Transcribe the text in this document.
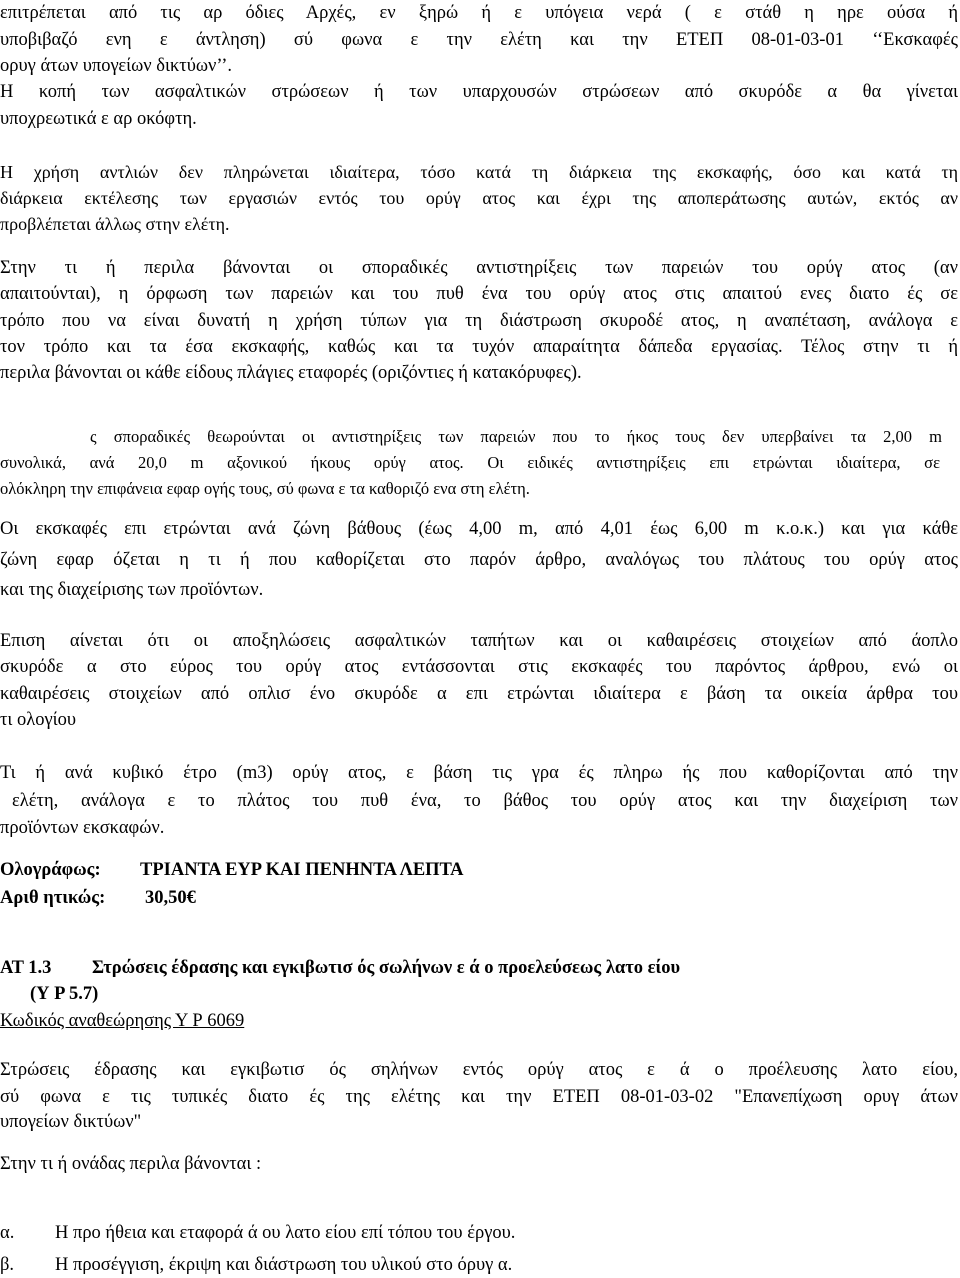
επιτρέπεται από τις αρ όδιες Αρχές, εν ξηρώ ή ε υπόγεια νερά ( ε στάθ η ηρε ούσα ή
υποβιβαζό ενη ε άντληση) σύ φωνα ε την ελέτη και την ΕΤΕΠ 08-01-03-01 ‘‘Εκσκαφές
ορυγ άτων υπογείων δικτύων’’.
Η κοπή των ασφαλτικών στρώσεων ή των υπαρχουσών στρώσεων από σκυρόδε α θα γίνεται
υποχρεωτικά ε αρ οκόφτη.
Η χρήση αντλιών δεν πληρώνεται ιδιαίτερα, τόσο κατά τη διάρκεια της εκσκαφής, όσο και κατά τη
διάρκεια εκτέλεσης των εργασιών εντός του ορύγ ατος και έχρι της αποπεράτωσης αυτών, εκτός αν
προβλέπεται άλλως στην ελέτη.
Στην τι ή περιλα βάνονται οι σποραδικές αντιστηρίξεις των παρειών του ορύγ ατος (αν
απαιτούνται), η όρφωση των παρειών και του πυθ ένα του ορύγ ατος στις απαιτού ενες διατο ές σε
τρόπο που να είναι δυνατή η χρήση τύπων για τη διάστρωση σκυροδέ ατος, η αναπέταση, ανάλογα ε
τον τρόπο και τα έσα εκσκαφής, καθώς και τα τυχόν απαραίτητα δάπεδα εργασίας. Τέλος στην τι ή
περιλα βάνονται οι κάθε είδους πλάγιες εταφορές (οριζόντιες ή κατακόρυφες).
ς σποραδικές θεωρούνται οι αντιστηρίξεις των παρειών που το ήκος τους δεν υπερβαίνει τα 2,00 m
συνολικά, ανά 20,0 m αξονικού ήκους ορύγ ατος. Οι ειδικές αντιστηρίξεις επι ετρώνται ιδιαίτερα, σε
ολόκληρη την επιφάνεια εφαρ ογής τους, σύ φωνα ε τα καθοριζό ενα στη ελέτη.
Οι εκσκαφές επι ετρώνται ανά ζώνη βάθους (έως 4,00 m, από 4,01 έως 6,00 m κ.ο.κ.) και για κάθε
ζώνη εφαρ όζεται η τι ή που καθορίζεται στο παρόν άρθρο, αναλόγως του πλάτους του ορύγ ατος
και της διαχείρισης των προϊόντων.
Επιση αίνεται ότι οι αποξηλώσεις ασφαλτικών ταπήτων και οι καθαιρέσεις στοιχείων από άοπλο
σκυρόδε α στο εύρος του ορύγ ατος εντάσσονται στις εκσκαφές του παρόντος άρθρου, ενώ οι
καθαιρέσεις στοιχείων από οπλισ ένο σκυρόδε α επι ετρώνται ιδιαίτερα ε βάση τα οικεία άρθρα του
τι ολογίου
Τι ή ανά κυβικό έτρο (m3) ορύγ ατος, ε βάση τις γρα ές πληρω ής που καθορίζονται από την
ελέτη, ανάλογα ε το πλάτος του πυθ ένα, το βάθος του ορύγ ατος και την διαχείριση των
προϊόντων εκσκαφών.
Ολογράφως: ΤΡΙΑΝΤΑ ΕΥΡ ΚΑΙ ΠΕΝΗΝΤΑ ΛΕΠΤΑ
Αριθ ητικώς: 30,50€
ΑΤ 1.3 Στρώσεις έδρασης και εγκιβωτισ ός σωλήνων ε ά ο προελεύσεως λατο είου
(Υ Ρ 5.7)
Κωδικός αναθεώρησης Υ Ρ 6069
Στρώσεις έδρασης και εγκιβωτισ ός σηλήνων εντός ορύγ ατος ε ά ο προέλευσης λατο είου,
σύ φωνα ε τις τυπικές διατο ές της ελέτης και την ΕΤΕΠ 08-01-03-02 "Επανεπίχωση ορυγ άτων
υπογείων δικτύων"
Στην τι ή ονάδας περιλα βάνονται :
α. Η προ ήθεια και εταφορά ά ου λατο είου επί τόπου του έργου.
β. Η προσέγγιση, έκριψη και διάστρωση του υλικού στο όρυγ α.
